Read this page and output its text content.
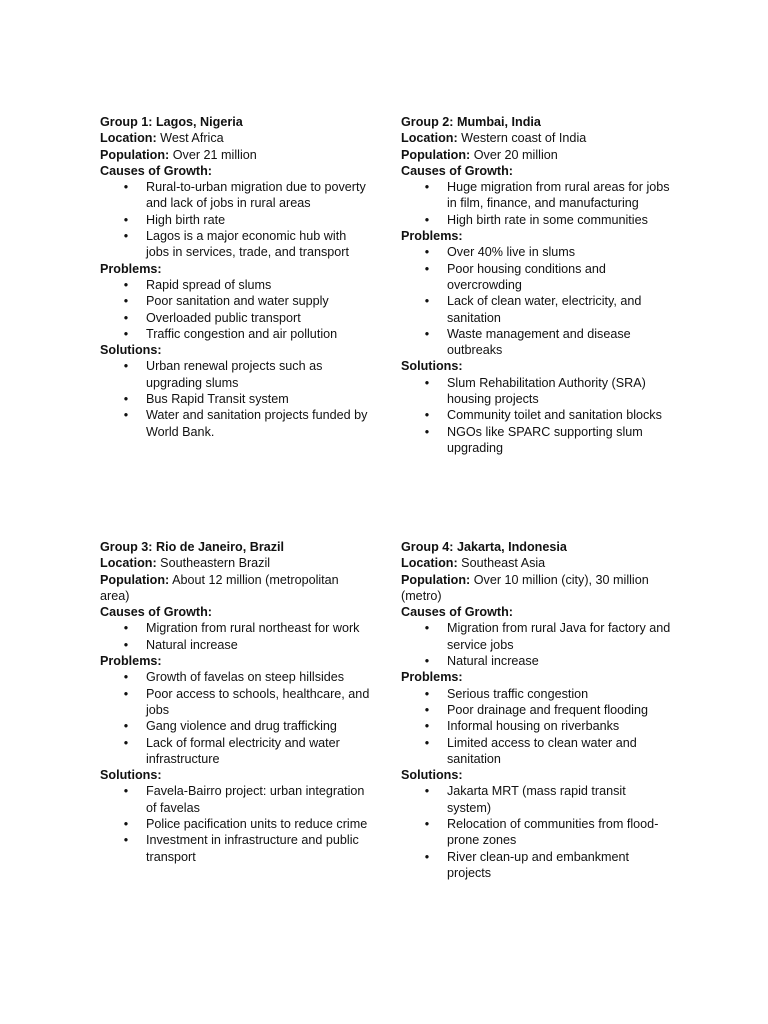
Group 1: Lagos, Nigeria

Location: West Africa

Population: Over 21 million

Causes of Growth:

•	Rural-to-urban migration due to poverty and lack of jobs in rural areas
•	High birth rate
•	Lagos is a major economic hub with jobs in services, trade, and transport

Problems:

•	Rapid spread of slums
•	Poor sanitation and water supply
•	Overloaded public transport
•	Traffic congestion and air pollution

Solutions:

•	Urban renewal projects such as upgrading slums
•	Bus Rapid Transit system
•	Water and sanitation projects funded by World Bank.

Group 2: Mumbai, India

Location: Western coast of India

Population: Over 20 million

Causes of Growth:

•	Huge migration from rural areas for jobs in film, finance, and manufacturing
•	High birth rate in some communities

Problems:

•	Over 40% live in slums
•	Poor housing conditions and overcrowding
•	Lack of clean water, electricity, and sanitation
•	Waste management and disease outbreaks

Solutions:

•	Slum Rehabilitation Authority (SRA) housing projects
•	Community toilet and sanitation blocks
•	NGOs like SPARC supporting slum upgrading

Group 3: Rio de Janeiro, Brazil

Location: Southeastern Brazil

Population: About 12 million (metropolitan area)

Causes of Growth:

•	Migration from rural northeast for work
•	Natural increase

Problems:

•	Growth of favelas on steep hillsides
•	Poor access to schools, healthcare, and jobs
•	Gang violence and drug trafficking
•	Lack of formal electricity and water infrastructure

Solutions:

•	Favela-Bairro project: urban integration of favelas
•	Police pacification units to reduce crime
•	Investment in infrastructure and public transport

Group 4: Jakarta, Indonesia

Location: Southeast Asia

Population: Over 10 million (city), 30 million (metro)

Causes of Growth:

•	Migration from rural Java for factory and service jobs
•	Natural increase

Problems:

•	Serious traffic congestion
•	Poor drainage and frequent flooding
•	Informal housing on riverbanks
•	Limited access to clean water and sanitation

Solutions:

•	Jakarta MRT (mass rapid transit system)
•	Relocation of communities from flood-prone zones
•	River clean-up and embankment projects
